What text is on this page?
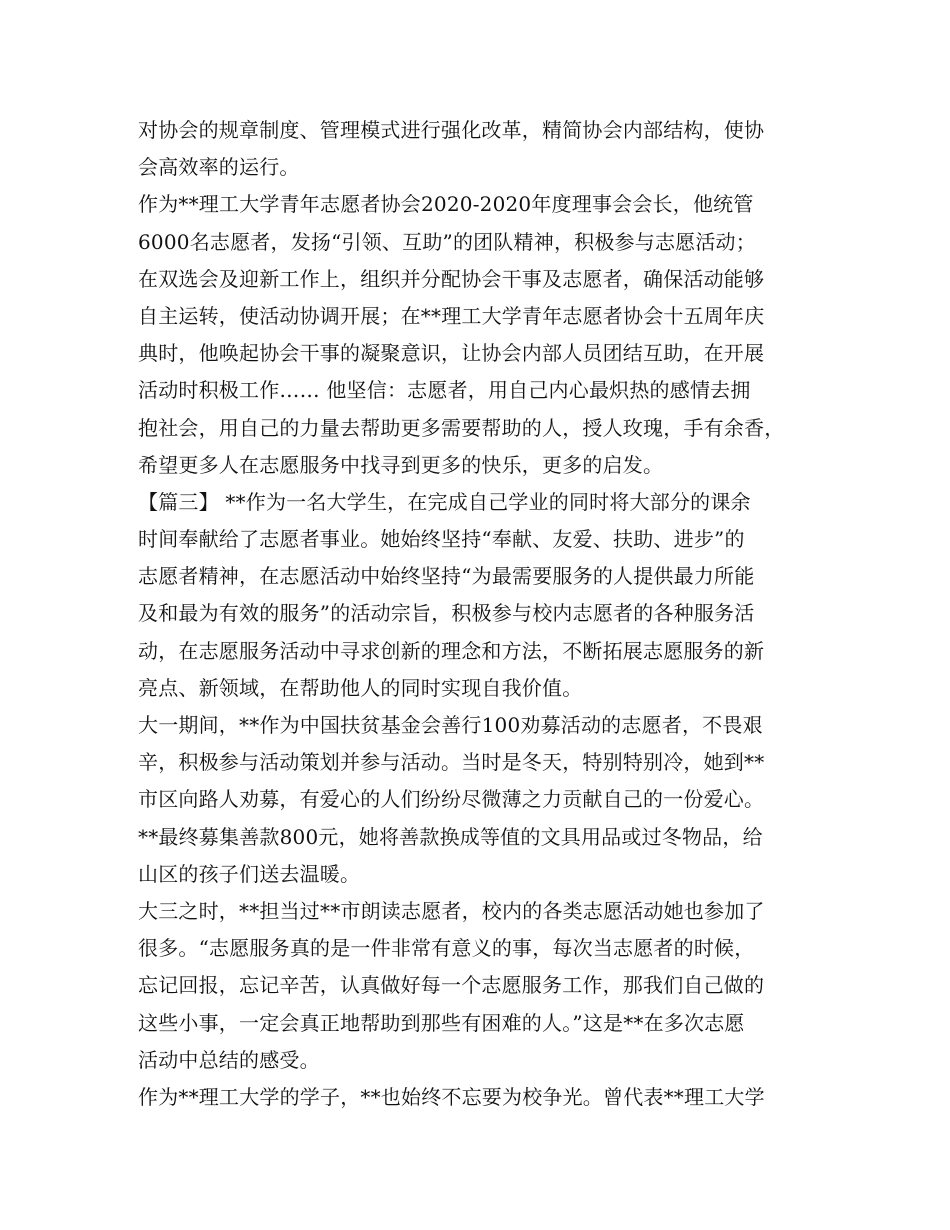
对协会的规章制度、管理模式进行强化改革，精简协会内部结构，使协
会高效率的运行。
作为**理工大学青年志愿者协会2020-2020年度理事会会长，他统管
6000名志愿者，发扬“引领、互助”的团队精神，积极参与志愿活动；
在双选会及迎新工作上，组织并分配协会干事及志愿者，确保活动能够
自主运转，使活动协调开展；在**理工大学青年志愿者协会十五周年庆
典时，他唤起协会干事的凝聚意识，让协会内部人员团结互助，在开展
活动时积极工作…… 他坚信：志愿者，用自己内心最炽热的感情去拥
抱社会，用自己的力量去帮助更多需要帮助的人，授人玫瑰，手有余香，
希望更多人在志愿服务中找寻到更多的快乐，更多的启发。
【篇三】 **作为一名大学生，在完成自己学业的同时将大部分的课余
时间奉献给了志愿者事业。她始终坚持“奉献、友爱、扶助、进步”的
志愿者精神，在志愿活动中始终坚持“为最需要服务的人提供最力所能
及和最为有效的服务”的活动宗旨，积极参与校内志愿者的各种服务活
动，在志愿服务活动中寻求创新的理念和方法，不断拓展志愿服务的新
亮点、新领域，在帮助他人的同时实现自我价值。
大一期间，**作为中国扶贫基金会善行100劝募活动的志愿者，不畏艰
辛，积极参与活动策划并参与活动。当时是冬天，特别特别冷，她到**
市区向路人劝募，有爱心的人们纷纷尽微薄之力贡献自己的一份爱心。
**最终募集善款800元，她将善款换成等值的文具用品或过冬物品，给
山区的孩子们送去温暖。
大三之时，**担当过**市朗读志愿者，校内的各类志愿活动她也参加了
很多。“志愿服务真的是一件非常有意义的事，每次当志愿者的时候，
忘记回报，忘记辛苦，认真做好每一个志愿服务工作，那我们自己做的
这些小事，一定会真正地帮助到那些有困难的人。”这是**在多次志愿
活动中总结的感受。
作为**理工大学的学子，**也始终不忘要为校争光。曾代表**理工大学
